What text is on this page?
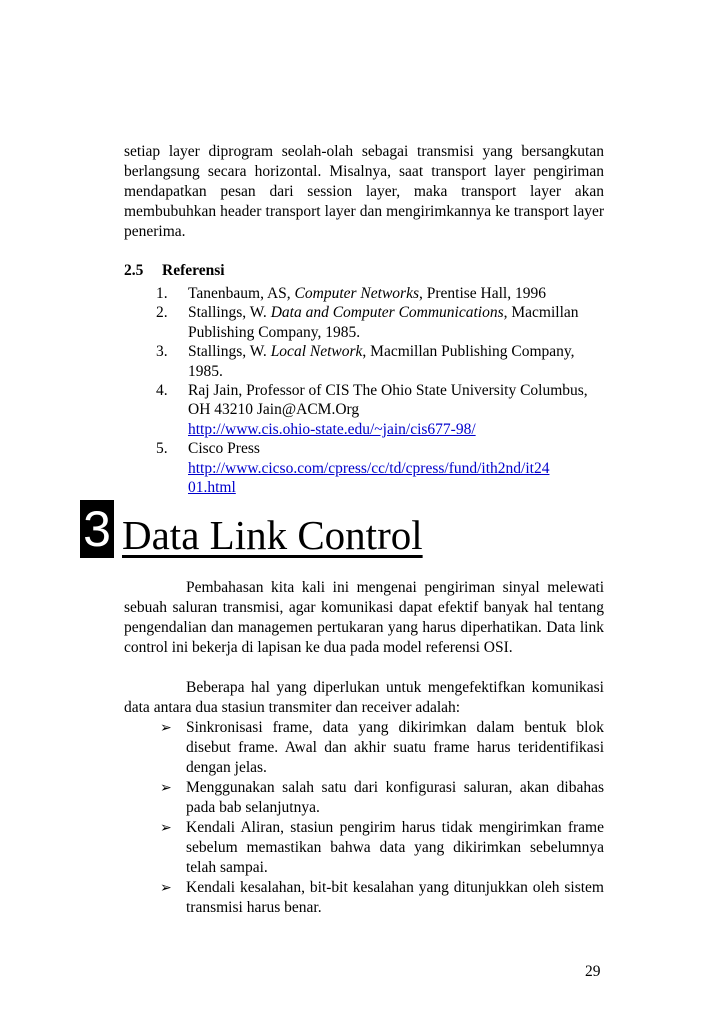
setiap layer diprogram seolah-olah sebagai transmisi yang bersangkutan berlangsung secara horizontal. Misalnya, saat transport layer pengiriman mendapatkan pesan dari session layer, maka transport layer akan membubuhkan header transport layer dan mengirimkannya ke transport layer penerima.

2.5 Referensi
1. Tanenbaum, AS, Computer Networks, Prentise Hall, 1996
2. Stallings, W. Data and Computer Communications, Macmillan Publishing Company, 1985.
3. Stallings, W. Local Network, Macmillan Publishing Company, 1985.
4. Raj Jain, Professor of CIS The Ohio State University Columbus, OH 43210 Jain@ACM.Org
http://www.cis.ohio-state.edu/~jain/cis677-98/
5. Cisco Press
http://www.cicso.com/cpress/cc/td/cpress/fund/ith2nd/it24
01.html
3 Data Link Control

Pembahasan kita kali ini mengenai pengiriman sinyal melewati sebuah saluran transmisi, agar komunikasi dapat efektif banyak hal tentang pengendalian dan managemen pertukaran yang harus diperhatikan. Data link control ini bekerja di lapisan ke dua pada model referensi OSI.

Beberapa hal yang diperlukan untuk mengefektifkan komunikasi data antara dua stasiun transmiter dan receiver adalah:

➢ Sinkronisasi frame, data yang dikirimkan dalam bentuk blok disebut frame. Awal dan akhir suatu frame harus teridentifikasi dengan jelas.
➢ Menggunakan salah satu dari konfigurasi saluran, akan dibahas pada bab selanjutnya.
➢ Kendali Aliran, stasiun pengirim harus tidak mengirimkan frame sebelum memastikan bahwa data yang dikirimkan sebelumnya telah sampai.
➢ Kendali kesalahan, bit-bit kesalahan yang ditunjukkan oleh sistem transmisi harus benar.
29
